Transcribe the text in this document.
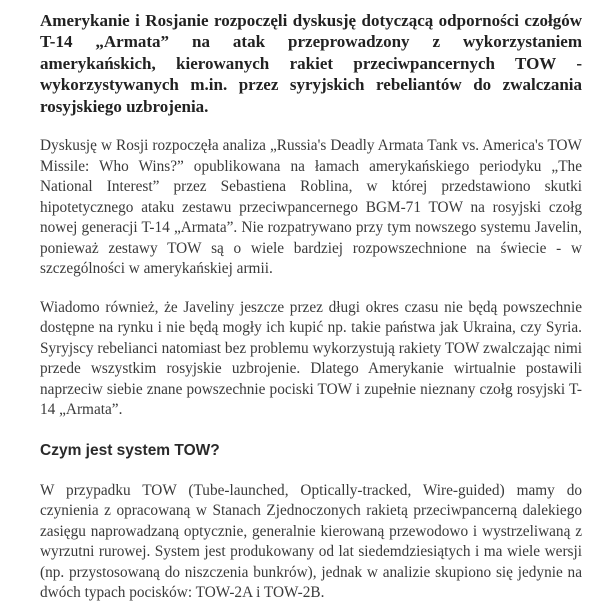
Amerykanie i Rosjanie rozpoczęli dyskusję dotyczącą odporności czołgów T-14 „Armata” na atak przeprowadzony z wykorzystaniem amerykańskich, kierowanych rakiet przeciwpancernych TOW - wykorzystywanych m.in. przez syryjskich rebeliantów do zwalczania rosyjskiego uzbrojenia.

Dyskusję w Rosji rozpoczęła analiza „Russia's Deadly Armata Tank vs. America's TOW Missile: Who Wins?” opublikowana na łamach amerykańskiego periodyku „The National Interest” przez Sebastiena Roblina, w której przedstawiono skutki hipotetycznego ataku zestawu przeciwpancernego BGM-71 TOW na rosyjski czołg nowej generacji T-14 „Armata”. Nie rozpatrywano przy tym nowszego systemu Javelin, ponieważ zestawy TOW są o wiele bardziej rozpowszechnione na świecie - w szczególności w amerykańskiej armii.

Wiadomo również, że Javeliny jeszcze przez długi okres czasu nie będą powszechnie dostępne na rynku i nie będą mogły ich kupić np. takie państwa jak Ukraina, czy Syria. Syryjscy rebelianci natomiast bez problemu wykorzystują rakiety TOW zwalczając nimi przede wszystkim rosyjskie uzbrojenie. Dlatego Amerykanie wirtualnie postawili naprzeciw siebie znane powszechnie pociski TOW i zupełnie nieznany czołg rosyjski T-14 „Armata”.

Czym jest system TOW?

W przypadku TOW (Tube-launched, Optically-tracked, Wire-guided) mamy do czynienia z opracowaną w Stanach Zjednoczonych rakietą przeciwpancerną dalekiego zasięgu naprowadzaną optycznie, generalnie kierowaną przewodowo i wystrzeliwaną z wyrzutni rurowej. System jest produkowany od lat siedemdziesiątych i ma wiele wersji (np. przystosowaną do niszczenia bunkrów), jednak w analizie skupiono się jedynie na dwóch typach pocisków: TOW-2A i TOW-2B.
